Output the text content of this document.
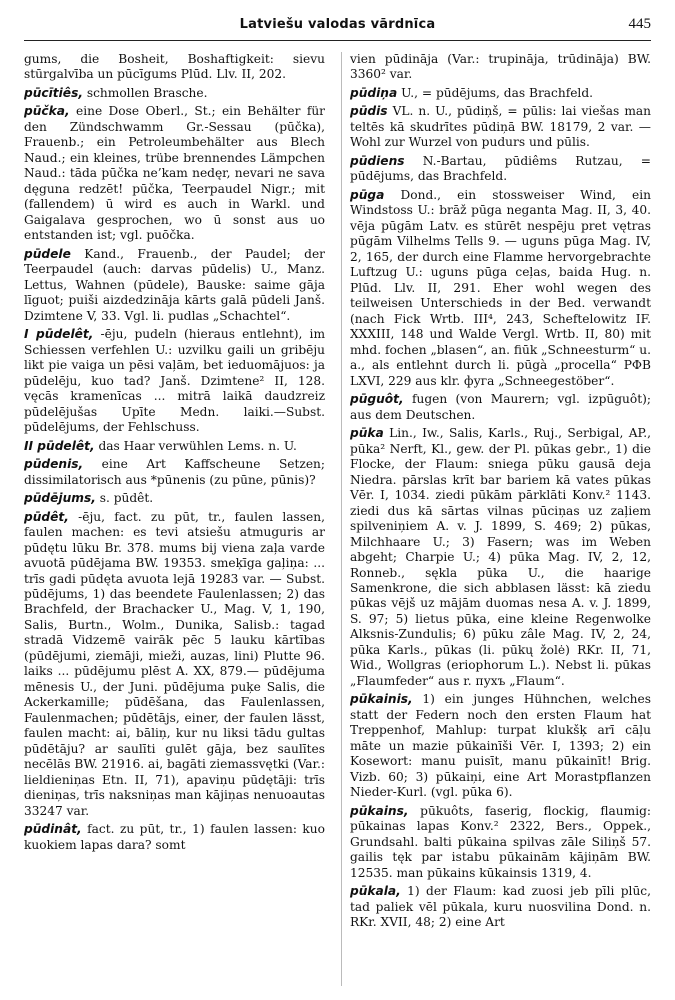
Latviešu valodas vārdnīca	445

gums, die Bosheit, Boshaftigkeit: sievu stūrgalvība un pūcīgums Plūd. Llv. II, 202.

pūcītiês, schmollen Brasche.

pūčka, eine Dose Oberl., St.; ein Behälter für den Zündschwamm Gr.-Sessau (pūčka), Frauenb.; ein Petroleumbehälter aus Blech Naud.; ein kleines, trübe brennendes Lämpchen Naud.: tāda pūčka ne’kam nedęr, nevari ne sava dęguna redzēt! pūčka, Teerpaudel Nigr.; mit (fallendem) ū wird es auch in Warkl. und Gaigalava gesprochen, wo ū sonst aus uo entstanden ist; vgl. puōčka.

pūdele Kand., Frauenb., der Paudel; der Teerpaudel (auch: darvas pūdelis) U., Manz. Lettus, Wahnen (pūdele), Bauske: saime gāja līguot; puiši aizdedzināja kārts galā pūdeli Janš. Dzimtene V, 33. Vgl. li. pudlas „Schachtel“.

I pūdelêt, -ēju, pudeln (hieraus entlehnt), im Schiessen verfehlen U.: uzvilku gaili un gribēju likt pie vaiga un pēsi vaļām, bet ieduomājuos: ja pūdelēju, kuo tad? Janš. Dzimtene² II, 128. vęcās kramenīcas ... mitrā laikā daudzreiz pūdelējušas Upīte Medn. laiki.—Subst. pūdelējums, der Fehlschuss.

II pūdelêt, das Haar verwühlen Lems. n. U.

pūdenis, eine Art Kaffscheune Setzen; dissimilatorisch aus *pūnenis (zu pūne, pūnis)?

pūdējums, s. pūdêt.

pūdêt, -ēju, fact. zu pūt, tr., faulen lassen, faulen machen: es tevi atsiešu atmuguris ar pūdętu lūku Br. 378. mums bij viena zaļa varde avuotā pūdējama BW. 19353. smeķīga gaļiņa: ... trīs gadi pūdęta avuota lejā 19283 var. — Subst. pūdējums, 1) das beendete Faulenlassen; 2) das Brachfeld, der Brachacker U., Mag. V, 1, 190, Salis, Burtn., Wolm., Dunika, Salisb.: tagad stradā Vidzemē vairāk pēc 5 lauku kārtības (pūdējumi, ziemāji, mieži, auzas, lini) Plutte 96. laiks ... pūdējumu plēst A. XX, 879.— pūdējuma mēnesis U., der Juni. pūdējuma puķe Salis, die Ackerkamille; pūdēšana, das Faulenlassen, Faulenmachen; pūdētājs, einer, der faulen lässt, faulen macht: ai, bāliņ, kur nu liksi tādu gultas pūdētāju? ar saulīti gulēt gāja, bez saulītes necēlās BW. 21916. ai, bagāti ziemassvętki (Var.: lieldieniņas Etn. II, 71), apaviņu pūdętāji: trīs dieniņas, trīs naksniņas man kājiņas nenuoautas 33247 var.

pūdinât, fact. zu pūt, tr., 1) faulen lassen: kuo kuokiem lapas dara? somt

vien pūdināja (Var.: trupināja, trūdināja) BW. 3360² var.

pūdiņa U., = pūdējums, das Brachfeld.

pūdis VL. n. U., pūdiņš, = pūlis: lai viešas man teltēs kā skudrītes pūdiņā BW. 18179, 2 var. — Wohl zur Wurzel von pudurs und pūlis.

pūdiens N.-Bartau, pūdiêms Rutzau, = pūdējums, das Brachfeld.

pūga Dond., ein stossweiser Wind, ein Windstoss U.: brāž pūga neganta Mag. II, 3, 40. vēja pūgām Latv. es stūrēt nespēju pret vętras pūgām Vilhelms Tells 9. — uguns pūga Mag. IV, 2, 165, der durch eine Flamme hervorgebrachte Luftzug U.: uguns pūga ceļas, baida Hug. n. Plūd. Llv. II, 291. Eher wohl wegen des teilweisen Unterschieds in der Bed. verwandt (nach Fick Wrtb. III⁴, 243, Scheftelowitz IF. XXXIII, 148 und Walde Vergl. Wrtb. II, 80) mit mhd. fochen „blasen“, an. fiūk „Schneesturm“ u. a., als entlehnt durch li. pūgà „procella“ РФВ LXVI, 229 aus klr. фуга „Schneegestöber“.

pūguôt, fugen (von Maurern; vgl. izpūguôt); aus dem Deutschen.

pūka Lin., Iw., Salis, Karls., Ruj., Serbigal, AP., pūka² Nerft, Kl., gew. der Pl. pūkas gebr., 1) die Flocke, der Flaum: sniega pūku gausā deja Niedra. pārslas krīt bar bariem kā vates pūkas Vēr. I, 1034. ziedi pūkām pārklāti Konv.² 1143. ziedi dus kā sārtas vilnas pūciņas uz zaļiem spilveniņiem A. v. J. 1899, S. 469; 2) pūkas, Milchhaare U.; 3) Fasern; was im Weben abgeht; Charpie U.; 4) pūka Mag. IV, 2, 12, Ronneb., sękla pūka U., die haarige Samenkrone, die sich abblasen lässt: kā ziedu pūkas vējš uz mājām duomas nesa A. v. J. 1899, S. 97; 5) lietus pūka, eine kleine Regenwolke Alksnis-Zundulis; 6) pūku zâle Mag. IV, 2, 24, pūka Karls., pūkas (li. pūkų žolė) RKr. II, 71, Wid., Wollgras (eriophorum L.). Nebst li. pūkas „Flaumfeder“ aus r. пухъ „Flaum“.

pūkainis, 1) ein junges Hühnchen, welches statt der Federn noch den ersten Flaum hat Treppenhof, Mahlup: turpat klukšķ arī cāļu māte un mazie pūkainīši Vēr. I, 1393; 2) ein Kosewort: manu puisīt, manu pūkainīt! Brig. Vizb. 60; 3) pūkaiņi, eine Art Morastpflanzen Nieder-Kurl. (vgl. pūka 6).

pūkains, pūkuôts, faserig, flockig, flaumig: pūkainas lapas Konv.² 2322, Bers., Oppek., Grundsahl. balti pūkaina spilvas zāle Siliņš 57. gailis tęk par istabu pūkainām kājiņām BW. 12535. man pūkains kūkainsis 1319, 4.

pūkala, 1) der Flaum: kad zuosi jeb pīli plūc, tad paliek vēl pūkala, kuru nuosvilina Dond. n. RKr. XVII, 48; 2) eine Art
